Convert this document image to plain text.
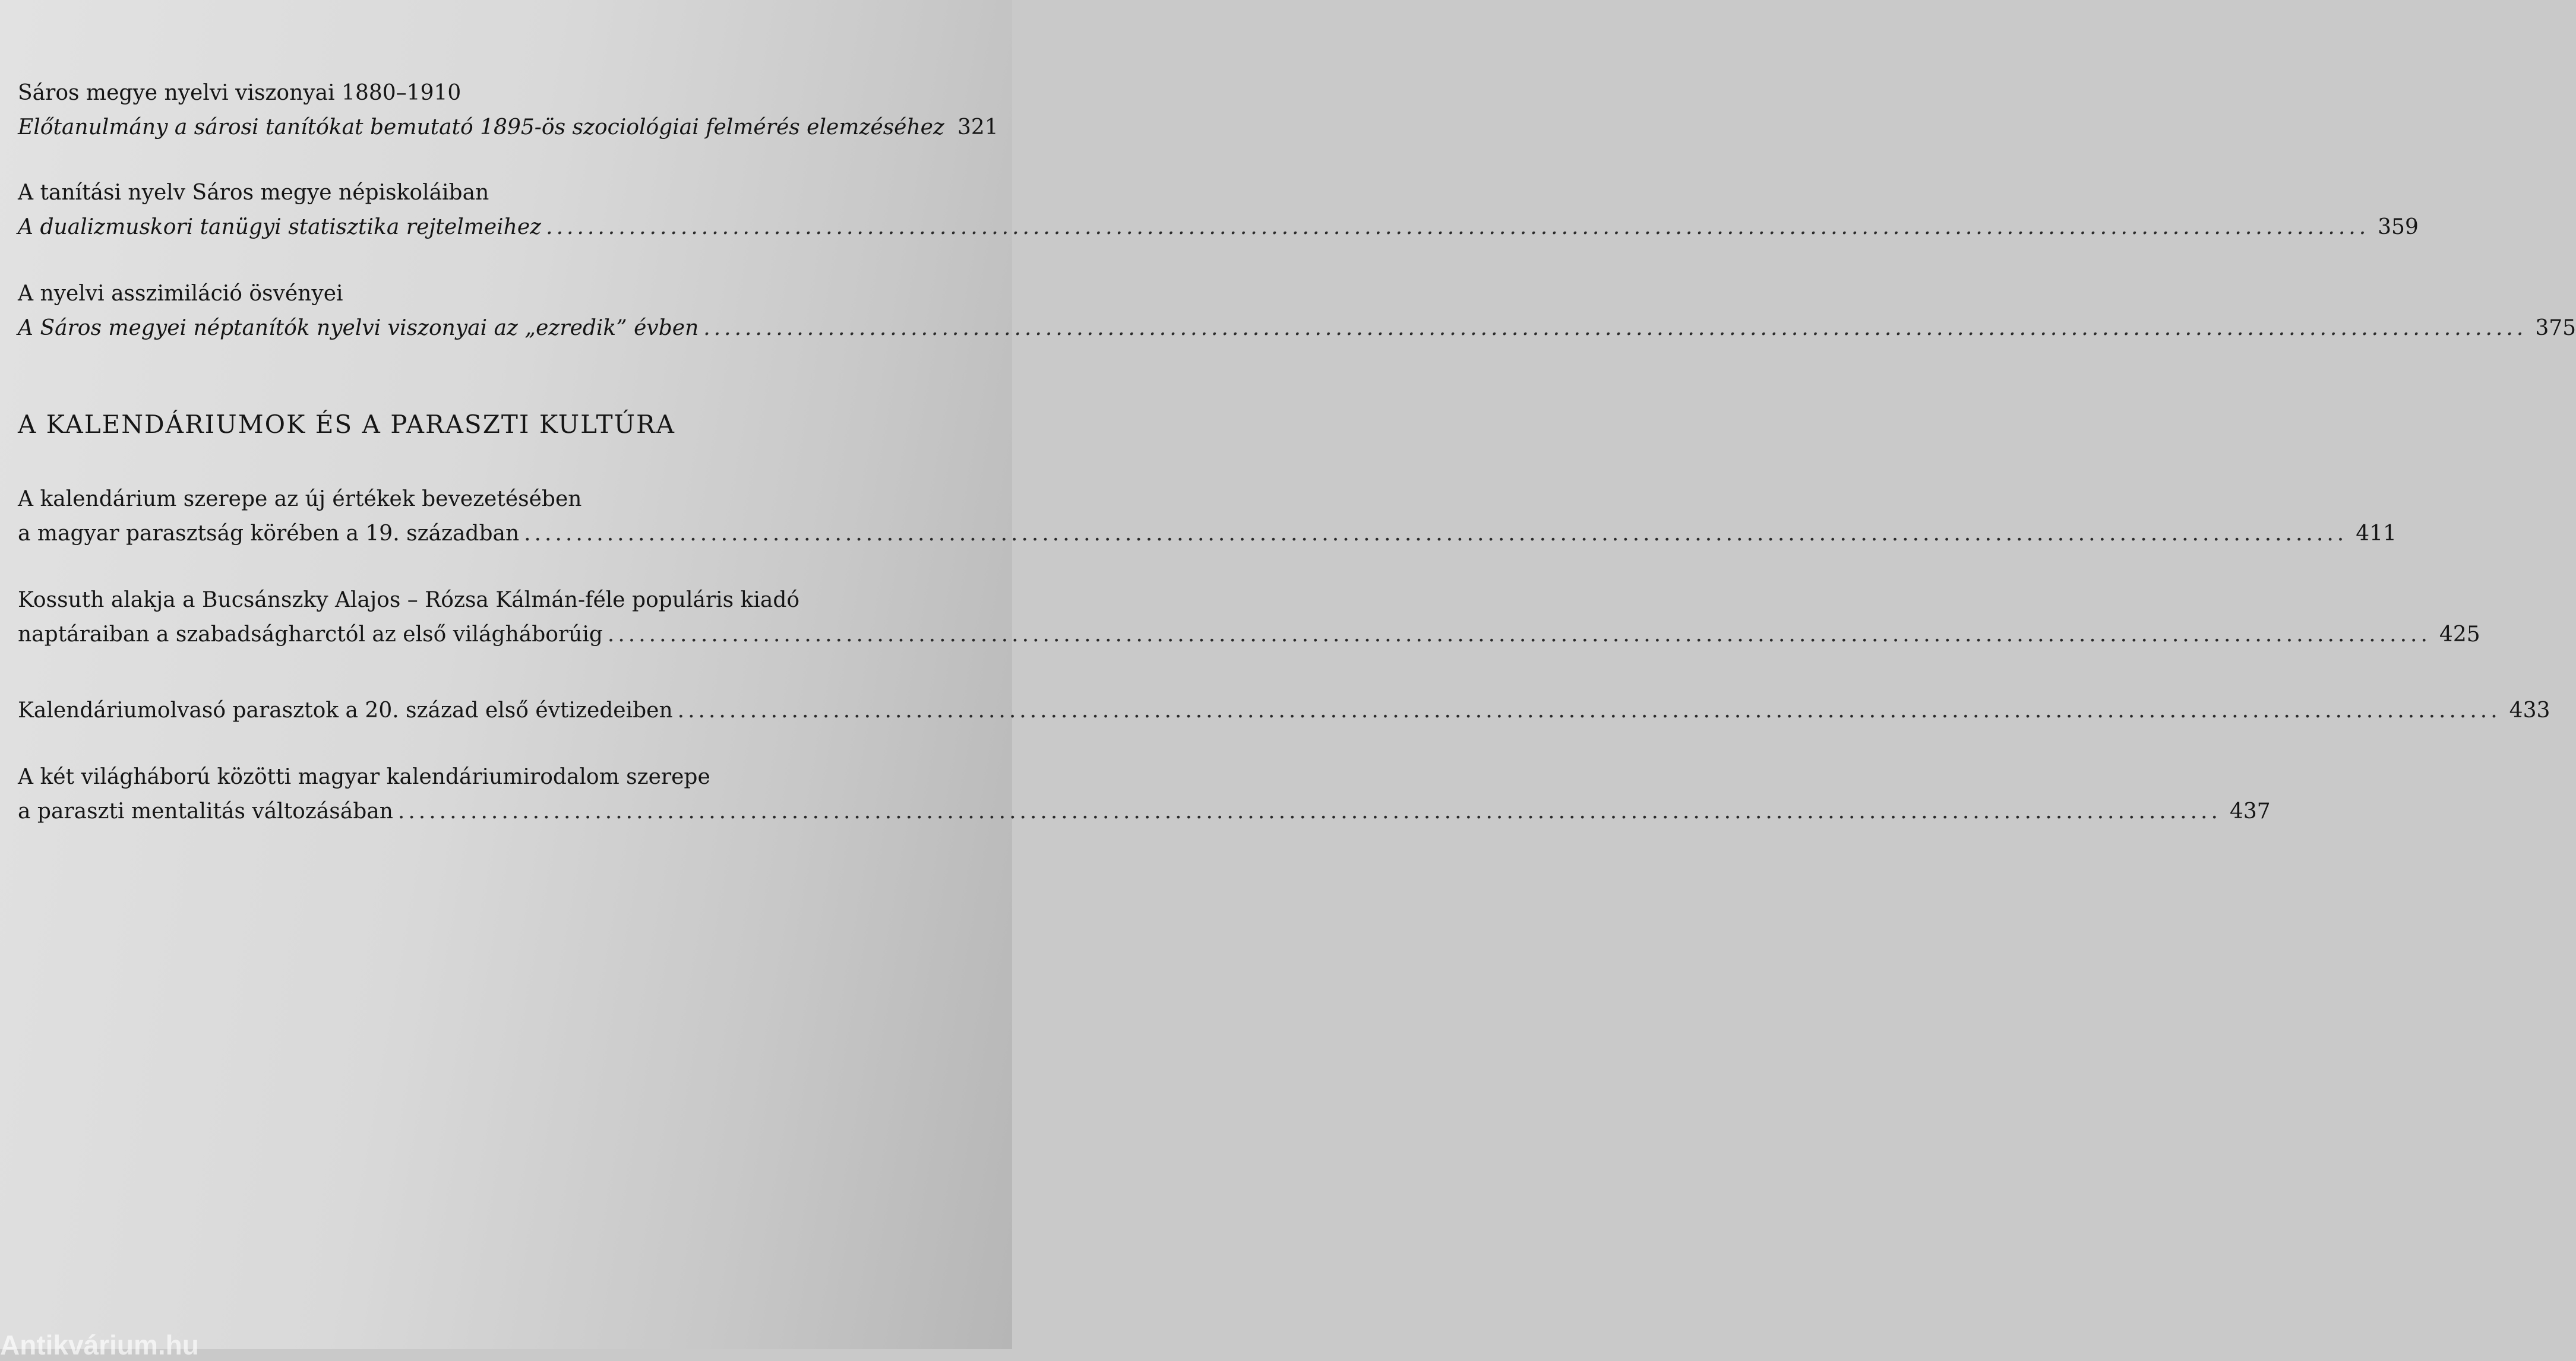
Sáros megye nyelvi viszonyai 1880–1910
Előtanulmány a sárosi tanítókat bemutató 1895-ös szociológiai felmérés elemzéséhez 321
A tanítási nyelv Sáros megye népiskoláiban
A dualizmuskori tanügyi statisztika rejtelmeihez ................................................................................................................................................................................ 359
A nyelvi asszimiláció ösvényei
A Sáros megyei néptanítók nyelvi viszonyai az „ezredik” évben ................................................................................................................................................................................ 375
A KALENDÁRIUMOK ÉS A PARASZTI KULTÚRA
A kalendárium szerepe az új értékek bevezetésében
a magyar parasztság körében a 19. században ................................................................................................................................................................................ 411
Kossuth alakja a Bucsánszky Alajos – Rózsa Kálmán-féle populáris kiadó
naptáraiban a szabadságharctól az első világháborúig ................................................................................................................................................................................ 425
Kalendáriumolvasó parasztok a 20. század első évtizedeiben ................................................................................................................................................................................ 433
A két világháború közötti magyar kalendáriumirodalom szerepe
a paraszti mentalitás változásában ................................................................................................................................................................................ 437
Antikvárium.hu
